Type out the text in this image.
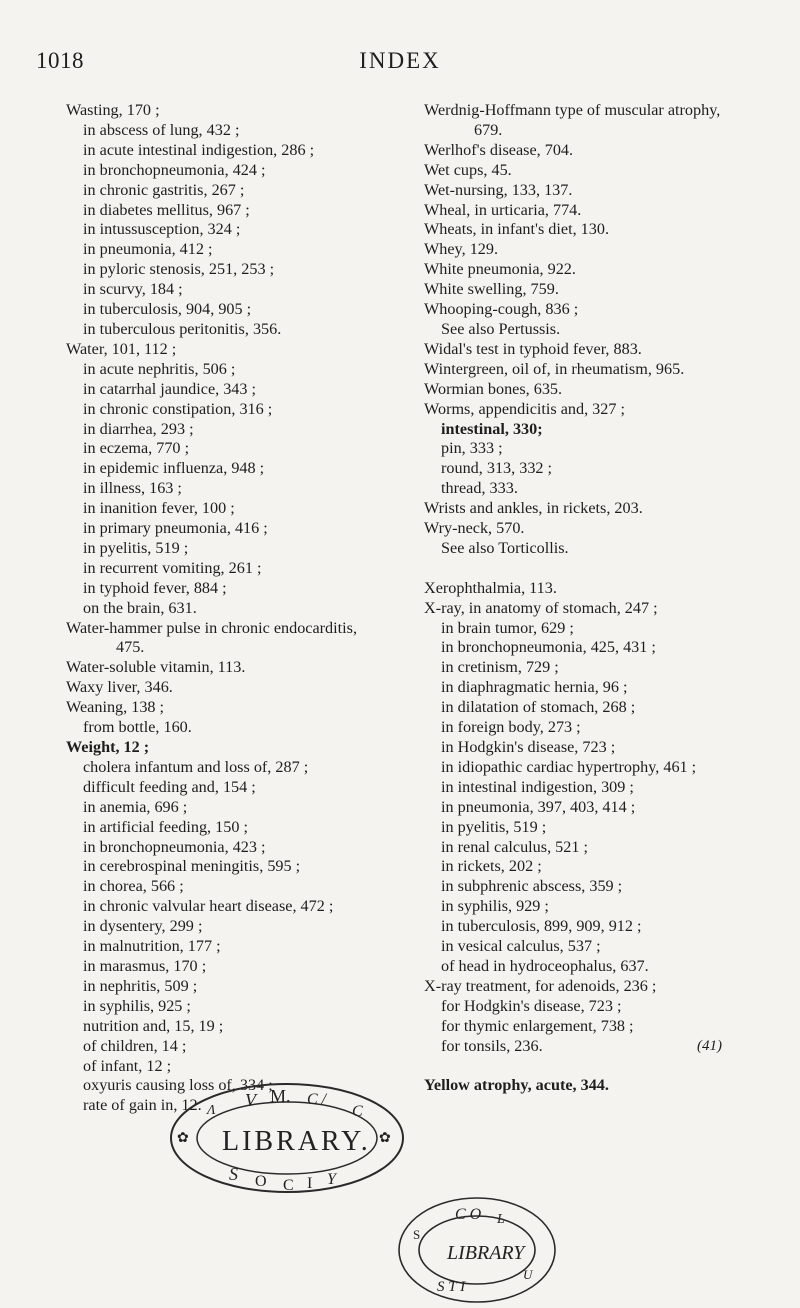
1018	INDEX
Wasting, 170 ;
in abscess of lung, 432 ;
in acute intestinal indigestion, 286 ;
in bronchopneumonia, 424 ;
in chronic gastritis, 267 ;
in diabetes mellitus, 967 ;
in intussusception, 324 ;
in pneumonia, 412 ;
in pyloric stenosis, 251, 253 ;
in scurvy, 184 ;
in tuberculosis, 904, 905 ;
in tuberculous peritonitis, 356.
Water, 101, 112 ;
in acute nephritis, 506 ;
in catarrhal jaundice, 343 ;
in chronic constipation, 316 ;
in diarrhea, 293 ;
in eczema, 770 ;
in epidemic influenza, 948 ;
in illness, 163 ;
in inanition fever, 100 ;
in primary pneumonia, 416 ;
in pyelitis, 519 ;
in recurrent vomiting, 261 ;
in typhoid fever, 884 ;
on the brain, 631.
Water-hammer pulse in chronic endocarditis,
475.
Water-soluble vitamin, 113.
Waxy liver, 346.
Weaning, 138 ;
from bottle, 160.
Weight, 12 ;
cholera infantum and loss of, 287 ;
difficult feeding and, 154 ;
in anemia, 696 ;
in artificial feeding, 150 ;
in bronchopneumonia, 423 ;
in cerebrospinal meningitis, 595 ;
in chorea, 566 ;
in chronic valvular heart disease, 472 ;
in dysentery, 299 ;
in malnutrition, 177 ;
in marasmus, 170 ;
in nephritis, 509 ;
in syphilis, 925 ;
nutrition and, 15, 19 ;
of children, 14 ;
of infant, 12 ;
oxyuris causing loss of, 334 ;
rate of gain in, 12.
Werdnig-Hoffmann type of muscular atrophy,
679.
Werlhof's disease, 704.
Wet cups, 45.
Wet-nursing, 133, 137.
Wheal, in urticaria, 774.
Wheats, in infant's diet, 130.
Whey, 129.
White pneumonia, 922.
White swelling, 759.
Whooping-cough, 836 ;
See also Pertussis.
Widal's test in typhoid fever, 883.
Wintergreen, oil of, in rheumatism, 965.
Wormian bones, 635.
Worms, appendicitis and, 327 ;
intestinal, 330;
pin, 333 ;
round, 313, 332 ;
thread, 333.
Wrists and ankles, in rickets, 203.
Wry-neck, 570.
See also Torticollis.
Xerophthalmia, 113.
X-ray, in anatomy of stomach, 247 ;
in brain tumor, 629 ;
in bronchopneumonia, 425, 431 ;
in cretinism, 729 ;
in diaphragmatic hernia, 96 ;
in dilatation of stomach, 268 ;
in foreign body, 273 ;
in Hodgkin's disease, 723 ;
in idiopathic cardiac hypertrophy, 461 ;
in intestinal indigestion, 309 ;
in pneumonia, 397, 403, 414 ;
in pyelitis, 519 ;
in renal calculus, 521 ;
in rickets, 202 ;
in subphrenic abscess, 359 ;
in syphilis, 929 ;
in tuberculosis, 899, 909, 912 ;
in vesical calculus, 537 ;
of head in hydroceophalus, 637.
X-ray treatment, for adenoids, 236 ;
for Hodgkin's disease, 723 ;
for thymic enlargement, 738 ;
for tonsils, 236.
Yellow atrophy, acute, 344.
(41)
V M. C /
C
Λ
LIBRARY.
S O C I Y
✿	✿
C O L
S
LIBRARY
S T I
U
